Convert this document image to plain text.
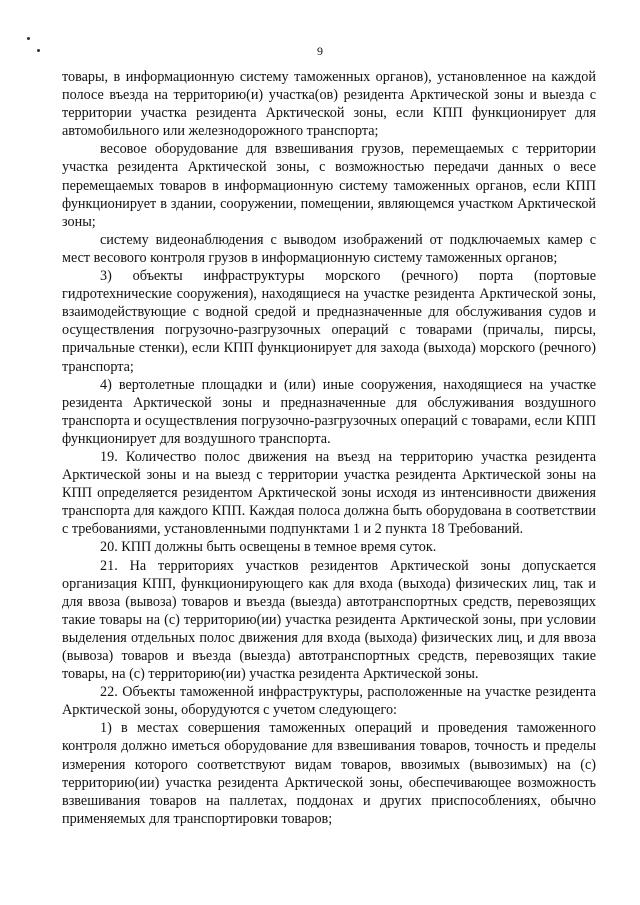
9

товары, в информационную систему таможенных органов), установленное на каждой полосе въезда на территорию(и) участка(ов) резидента Арктической зоны и выезда с территории участка резидента Арктической зоны, если КПП функционирует для автомобильного или железнодорожного транспорта;

весовое оборудование для взвешивания грузов, перемещаемых с территории участка резидента Арктической зоны, с возможностью передачи данных о весе перемещаемых товаров в информационную систему таможенных органов, если КПП функционирует в здании, сооружении, помещении, являющемся участком Арктической зоны;

систему видеонаблюдения с выводом изображений от подключаемых камер с мест весового контроля грузов в информационную систему таможенных органов;

3) объекты инфраструктуры морского (речного) порта (портовые гидротехнические сооружения), находящиеся на участке резидента Арктической зоны, взаимодействующие с водной средой и предназначенные для обслуживания судов и осуществления погрузочно-разгрузочных операций с товарами (причалы, пирсы, причальные стенки), если КПП функционирует для захода (выхода) морского (речного) транспорта;

4) вертолетные площадки и (или) иные сооружения, находящиеся на участке резидента Арктической зоны и предназначенные для обслуживания воздушного транспорта и осуществления погрузочно-разгрузочных операций с товарами, если КПП функционирует для воздушного транспорта.

19. Количество полос движения на въезд на территорию участка резидента Арктической зоны и на выезд с территории участка резидента Арктической зоны на КПП определяется резидентом Арктической зоны исходя из интенсивности движения транспорта для каждого КПП. Каждая полоса должна быть оборудована в соответствии с требованиями, установленными подпунктами 1 и 2 пункта 18 Требований.

20. КПП должны быть освещены в темное время суток.

21. На территориях участков резидентов Арктической зоны допускается организация КПП, функционирующего как для входа (выхода) физических лиц, так и для ввоза (вывоза) товаров и въезда (выезда) автотранспортных средств, перевозящих такие товары на (с) территорию(ии) участка резидента Арктической зоны, при условии выделения отдельных полос движения для входа (выхода) физических лиц, и для ввоза (вывоза) товаров и въезда (выезда) автотранспортных средств, перевозящих такие товары, на (с) территорию(ии) участка резидента Арктической зоны.

22. Объекты таможенной инфраструктуры, расположенные на участке резидента Арктической зоны, оборудуются с учетом следующего:

1) в местах совершения таможенных операций и проведения таможенного контроля должно иметься оборудование для взвешивания товаров, точность и пределы измерения которого соответствуют видам товаров, ввозимых (вывозимых) на (с) территорию(ии) участка резидента Арктической зоны, обеспечивающее возможность взвешивания товаров на паллетах, поддонах и других приспособлениях, обычно применяемых для транспортировки товаров;
